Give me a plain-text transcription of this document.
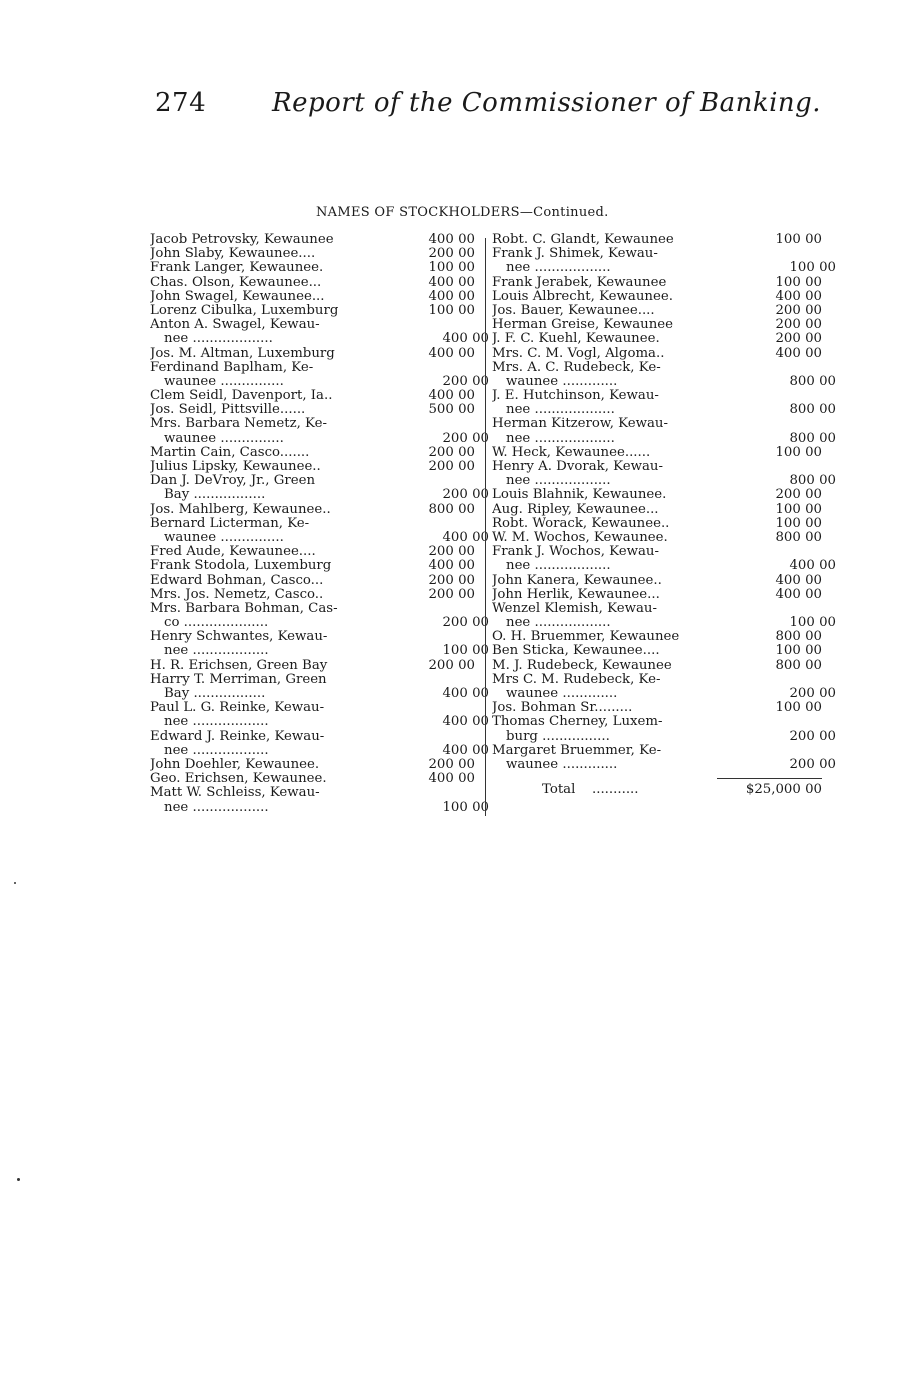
274	Report of the Commissioner of Banking.
NAMES OF STOCKHOLDERS—Continued.
Jacob Petrovsky, Kewaunee	400 00
John Slaby, Kewaunee....	200 00
Frank Langer, Kewaunee.	100 00
Chas. Olson, Kewaunee...	400 00
John Swagel, Kewaunee...	400 00
Lorenz Cibulka, Luxemburg	100 00
Anton A. Swagel, Kewau-
nee ...................	400 00
Jos. M. Altman, Luxemburg	400 00
Ferdinand Baplham, Ke-
waunee ...............	200 00
Clem Seidl, Davenport, Ia..	400 00
Jos. Seidl, Pittsville......	500 00
Mrs. Barbara Nemetz, Ke-
waunee ...............	200 00
Martin Cain, Casco.......	200 00
Julius Lipsky, Kewaunee..	200 00
Dan J. DeVroy, Jr., Green
Bay .................	200 00
Jos. Mahlberg, Kewaunee..	800 00
Bernard Licterman, Ke-
waunee ...............	400 00
Fred Aude, Kewaunee....	200 00
Frank Stodola, Luxemburg	400 00
Edward Bohman, Casco...	200 00
Mrs. Jos. Nemetz, Casco..	200 00
Mrs. Barbara Bohman, Cas-
co ....................	200 00
Henry Schwantes, Kewau-
nee ..................	100 00
H. R. Erichsen, Green Bay	200 00
Harry T. Merriman, Green
Bay .................	400 00
Paul L. G. Reinke, Kewau-
nee ..................	400 00
Edward J. Reinke, Kewau-
nee ..................	400 00
John Doehler, Kewaunee.	200 00
Geo. Erichsen, Kewaunee.	400 00
Matt W. Schleiss, Kewau-
nee ..................	100 00
Robt. C. Glandt, Kewaunee	100 00
Frank J. Shimek, Kewau-
nee ..................	100 00
Frank Jerabek, Kewaunee	100 00
Louis Albrecht, Kewaunee.	400 00
Jos. Bauer, Kewaunee....	200 00
Herman Greise, Kewaunee	200 00
J. F. C. Kuehl, Kewaunee.	200 00
Mrs. C. M. Vogl, Algoma..	400 00
Mrs. A. C. Rudebeck, Ke-
waunee .............	800 00
J. E. Hutchinson, Kewau-
nee ...................	800 00
Herman Kitzerow, Kewau-
nee ...................	800 00
W. Heck, Kewaunee......	100 00
Henry A. Dvorak, Kewau-
nee ..................	800 00
Louis Blahnik, Kewaunee.	200 00
Aug. Ripley, Kewaunee...	100 00
Robt. Worack, Kewaunee..	100 00
W. M. Wochos, Kewaunee.	800 00
Frank J. Wochos, Kewau-
nee ..................	400 00
John Kanera, Kewaunee..	400 00
John Herlik, Kewaunee...	400 00
Wenzel Klemish, Kewau-
nee ..................	100 00
O. H. Bruemmer, Kewaunee	800 00
Ben Sticka, Kewaunee....	100 00
M. J. Rudebeck, Kewaunee	800 00
Mrs C. M. Rudebeck, Ke-
waunee .............	200 00
Jos. Bohman Sr.........	100 00
Thomas Cherney, Luxem-
burg ................	200 00
Margaret Bruemmer, Ke-
waunee .............	200 00
Total ...........	$25,000 00
